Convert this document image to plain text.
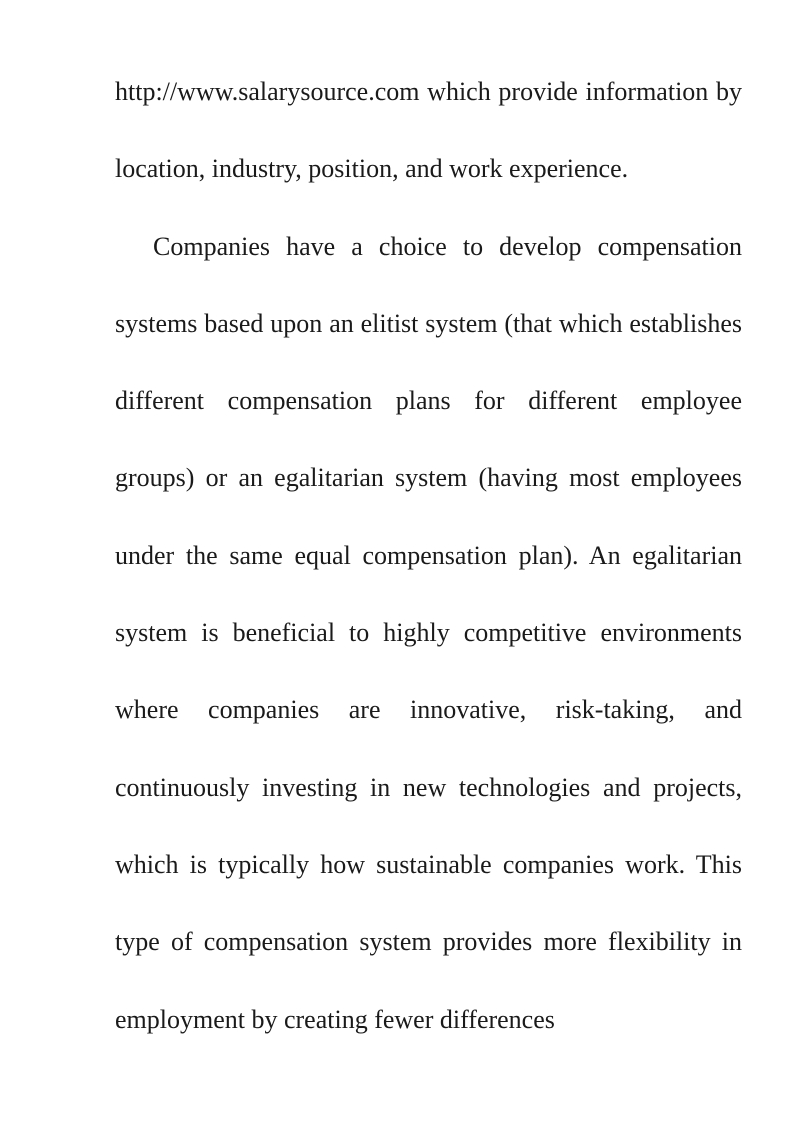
http://www.salarysource.com which provide information by location, industry, position, and work experience.

Companies have a choice to develop compensation systems based upon an elitist system (that which establishes different compensation plans for different employee groups) or an egalitarian system (having most employees under the same equal compensation plan). An egalitarian system is beneficial to highly competitive environments where companies are innovative, risk-taking, and continuously investing in new technologies and projects, which is typically how sustainable companies work. This type of compensation system provides more flexibility in employment by creating fewer differences
